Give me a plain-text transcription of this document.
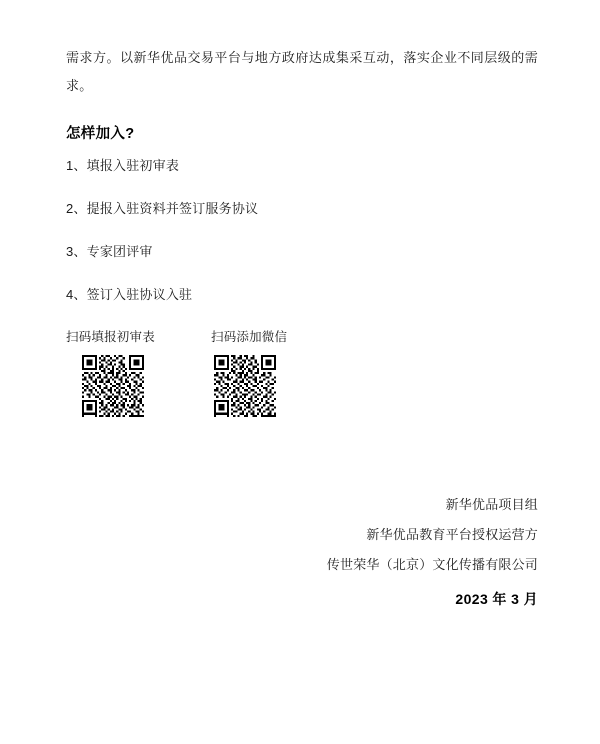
需求方。以新华优品交易平台与地方政府达成集采互动，落实企业不同层级的需求。

怎样加入?

1、填报入驻初审表

2、提报入驻资料并签订服务协议

3、专家团评审

4、签订入驻协议入驻

扫码填报初审表	扫码添加微信
新华优品项目组
新华优品教育平台授权运营方
传世荣华（北京）文化传播有限公司
2023 年 3 月
